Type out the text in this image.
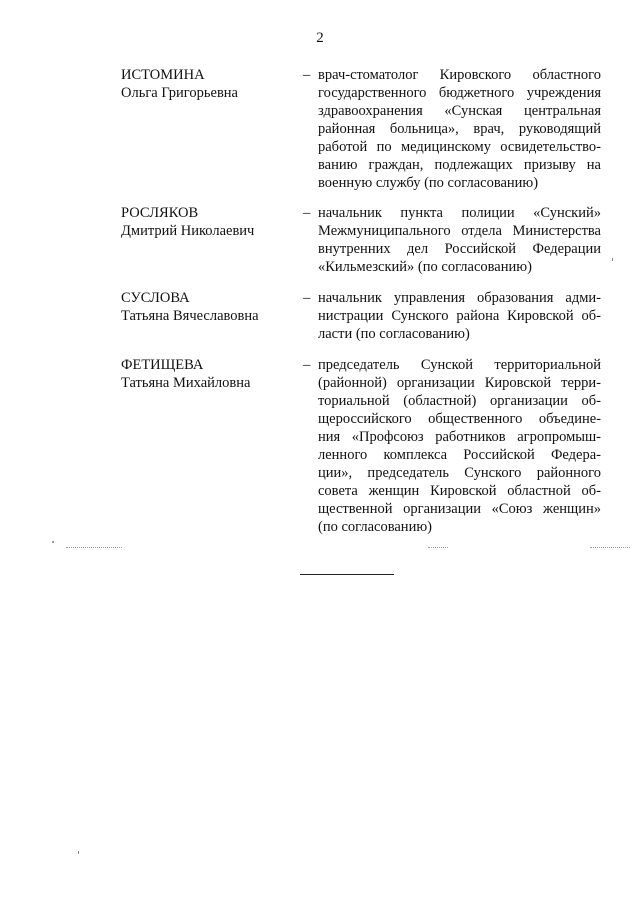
2
ИСТОМИНА
Ольга Григорьевна
– врач-стоматолог Кировского областного
государственного бюджетного учреждения
здравоохранения «Сунская центральная
районная больница», врач, руководящий
работой по медицинскому освидетельство-
ванию граждан, подлежащих призыву на
военную службу (по согласованию)
РОСЛЯКОВ
Дмитрий Николаевич
– начальник пункта полиции «Сунский»
Межмуниципального отдела Министерства
внутренних дел Российской Федерации
«Кильмезский» (по согласованию)
СУСЛОВА
Татьяна Вячеславовна
– начальник управления образования адми-
нистрации Сунского района Кировской об-
ласти (по согласованию)
ФЕТИЩЕВА
Татьяна Михайловна
– председатель Сунской территориальной
(районной) организации Кировской терри-
ториальной (областной) организации об-
щероссийского общественного объедине-
ния «Профсоюз работников агропромыш-
ленного комплекса Российской Федера-
ции», председатель Сунского районного
совета женщин Кировской областной об-
щественной организации «Союз женщин»
(по согласованию)
